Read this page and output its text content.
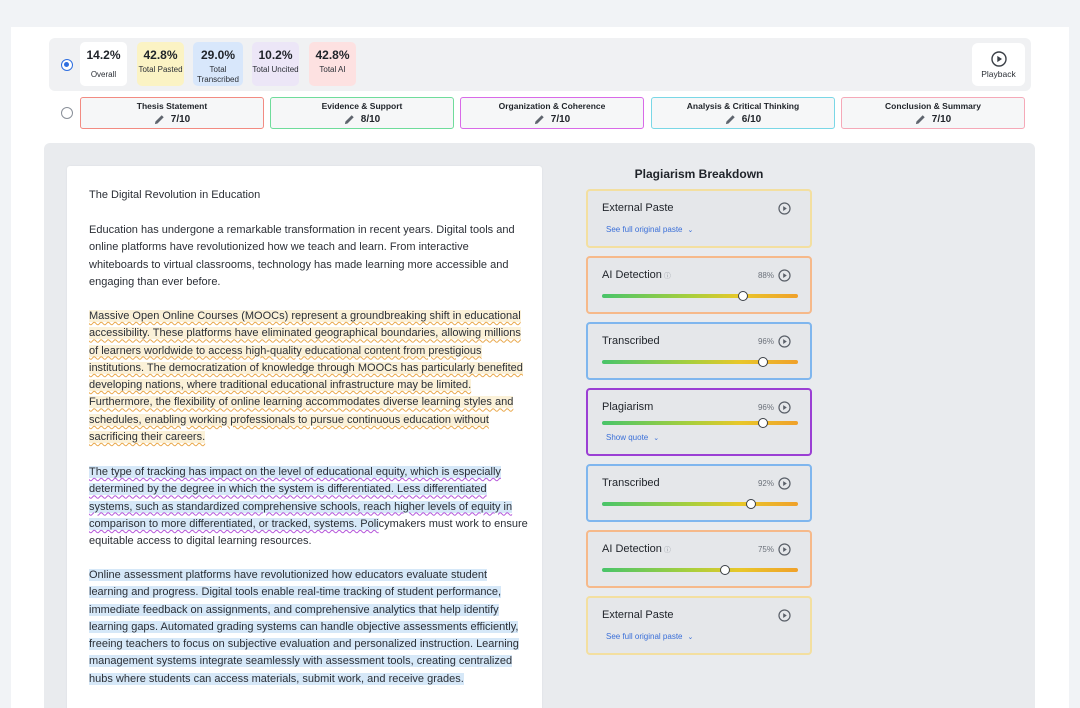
14.2%
Overall
42.8%
Total Pasted
29.0%
Total Transcribed
10.2%
Total Uncited
42.8%
Total AI	Playback
Thesis Statement
7/10
Evidence & Support
8/10
Organization & Coherence
7/10
Analysis & Critical Thinking
6/10
Conclusion & Summary
7/10
The Digital Revolution in Education

Education has undergone a remarkable transformation in recent years. Digital tools and online platforms have revolutionized how we teach and learn. From interactive whiteboards to virtual classrooms, technology has made learning more accessible and engaging than ever before.

Massive Open Online Courses (MOOCs) represent a groundbreaking shift in educational accessibility. These platforms have eliminated geographical boundaries, allowing millions of learners worldwide to access high-quality educational content from prestigious institutions. The democratization of knowledge through MOOCs has particularly benefited developing nations, where traditional educational infrastructure may be limited. Furthermore, the flexibility of online learning accommodates diverse learning styles and schedules, enabling working professionals to pursue continuous education without sacrificing their careers.

The type of tracking has impact on the level of educational equity, which is especially determined by the degree in which the system is differentiated. Less differentiated systems, such as standardized comprehensive schools, reach higher levels of equity in comparison to more differentiated, or tracked, systems. Policymakers must work to ensure equitable access to digital learning resources.

Online assessment platforms have revolutionized how educators evaluate student learning and progress. Digital tools enable real-time tracking of student performance, immediate feedback on assignments, and comprehensive analytics that help identify learning gaps. Automated grading systems can handle objective assessments efficiently, freeing teachers to focus on subjective evaluation and personalized instruction. Learning management systems integrate seamlessly with assessment tools, creating centralized hubs where students can access materials, submit work, and receive grades.

Plagiarism Breakdown
External Paste
See full original paste ⌄
AI Detection ⓘ	88%
Transcribed	96%
Plagiarism	96%
Show quote ⌄
Transcribed	92%
AI Detection ⓘ	75%
External Paste
See full original paste ⌄
